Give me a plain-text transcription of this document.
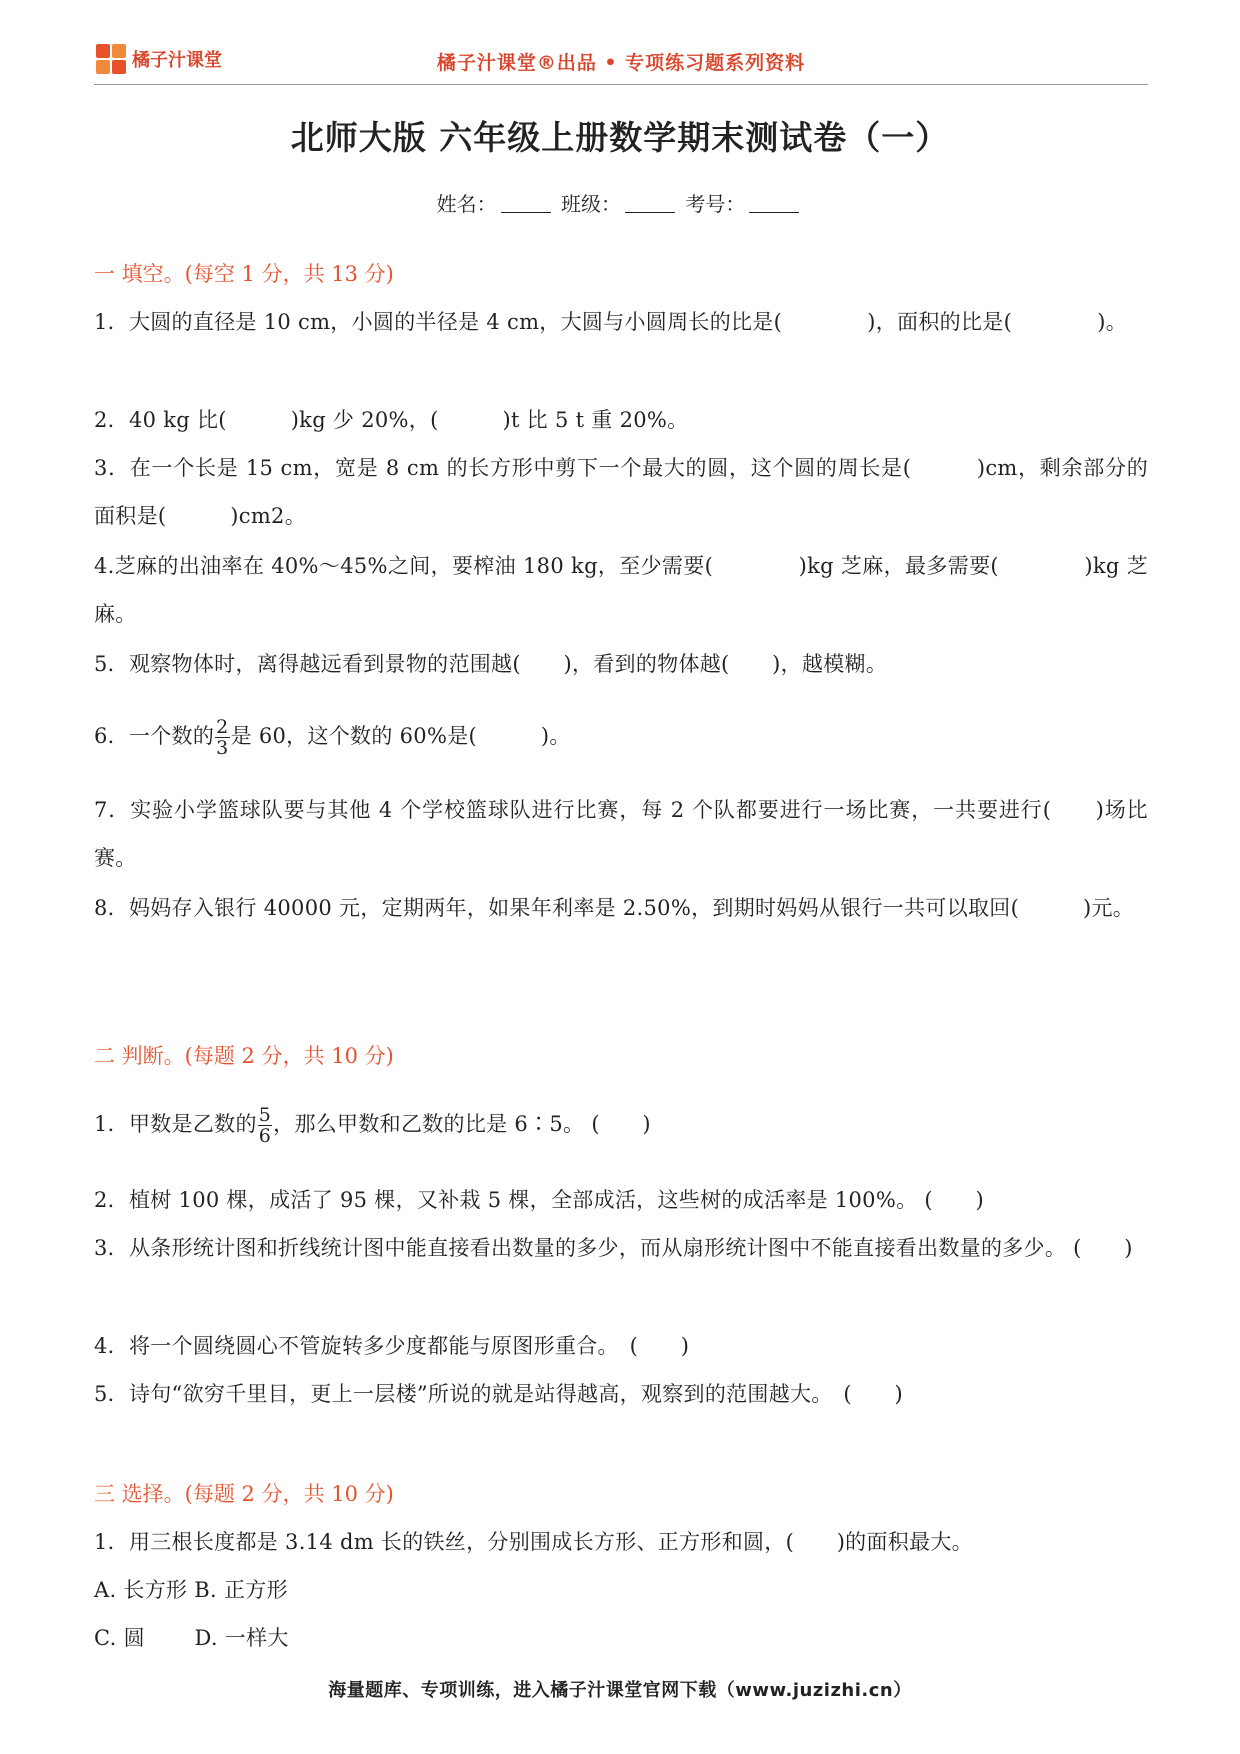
橘子汁课堂	橘子汁课堂®出品 • 专项练习题系列资料
北师大版 六年级上册数学期末测试卷（一）
姓名：	班级：	考号：
一 填空。(每空 1 分，共 13 分)
1．大圆的直径是 10 cm，小圆的半径是 4 cm，大圆与小圆周长的比是(　　　　)，面积的比是(　　　　)。
2．40 kg 比(　　　)kg 少 20%，(　　　)t 比 5 t 重 20%。
3．在一个长是 15 cm，宽是 8 cm 的长方形中剪下一个最大的圆，这个圆的周长是(　　　)cm，剩余部分的面积是(　　　)cm2。
4.芝麻的出油率在 40%～45%之间，要榨油 180 kg，至少需要(　　　　)kg 芝麻，最多需要(　　　　)kg 芝麻。
5．观察物体时，离得越远看到景物的范围越(　　)，看到的物体越(　　)，越模糊。
6．一个数的 $\frac{2}{3}$ 是 60，这个数的 60%是(　　　)。
7．实验小学篮球队要与其他 4 个学校篮球队进行比赛，每 2 个队都要进行一场比赛，一共要进行(　　)场比赛。
8．妈妈存入银行 40000 元，定期两年，如果年利率是 2.50%，到期时妈妈从银行一共可以取回(　　　)元。
二 判断。(每题 2 分，共 10 分)
1．甲数是乙数的 $\frac{5}{6}$ ，那么甲数和乙数的比是 6∶5。 (　　)
2．植树 100 棵，成活了 95 棵，又补栽 5 棵，全部成活，这些树的成活率是 100%。 (　　)
3．从条形统计图和折线统计图中能直接看出数量的多少，而从扇形统计图中不能直接看出数量的多少。 (　　)
4．将一个圆绕圆心不管旋转多少度都能与原图形重合。　(　　)
5．诗句“欲穷千里目，更上一层楼”所说的就是站得越高，观察到的范围越大。　(　　)
三 选择。(每题 2 分，共 10 分)
1．用三根长度都是 3.14 dm 长的铁丝，分别围成长方形、正方形和圆，(　　)的面积最大。
A. 长方形 B. 正方形
C. 圆　　 D. 一样大
海量题库、专项训练，进入橘子汁课堂官网下载（www.juzizhi.cn）
